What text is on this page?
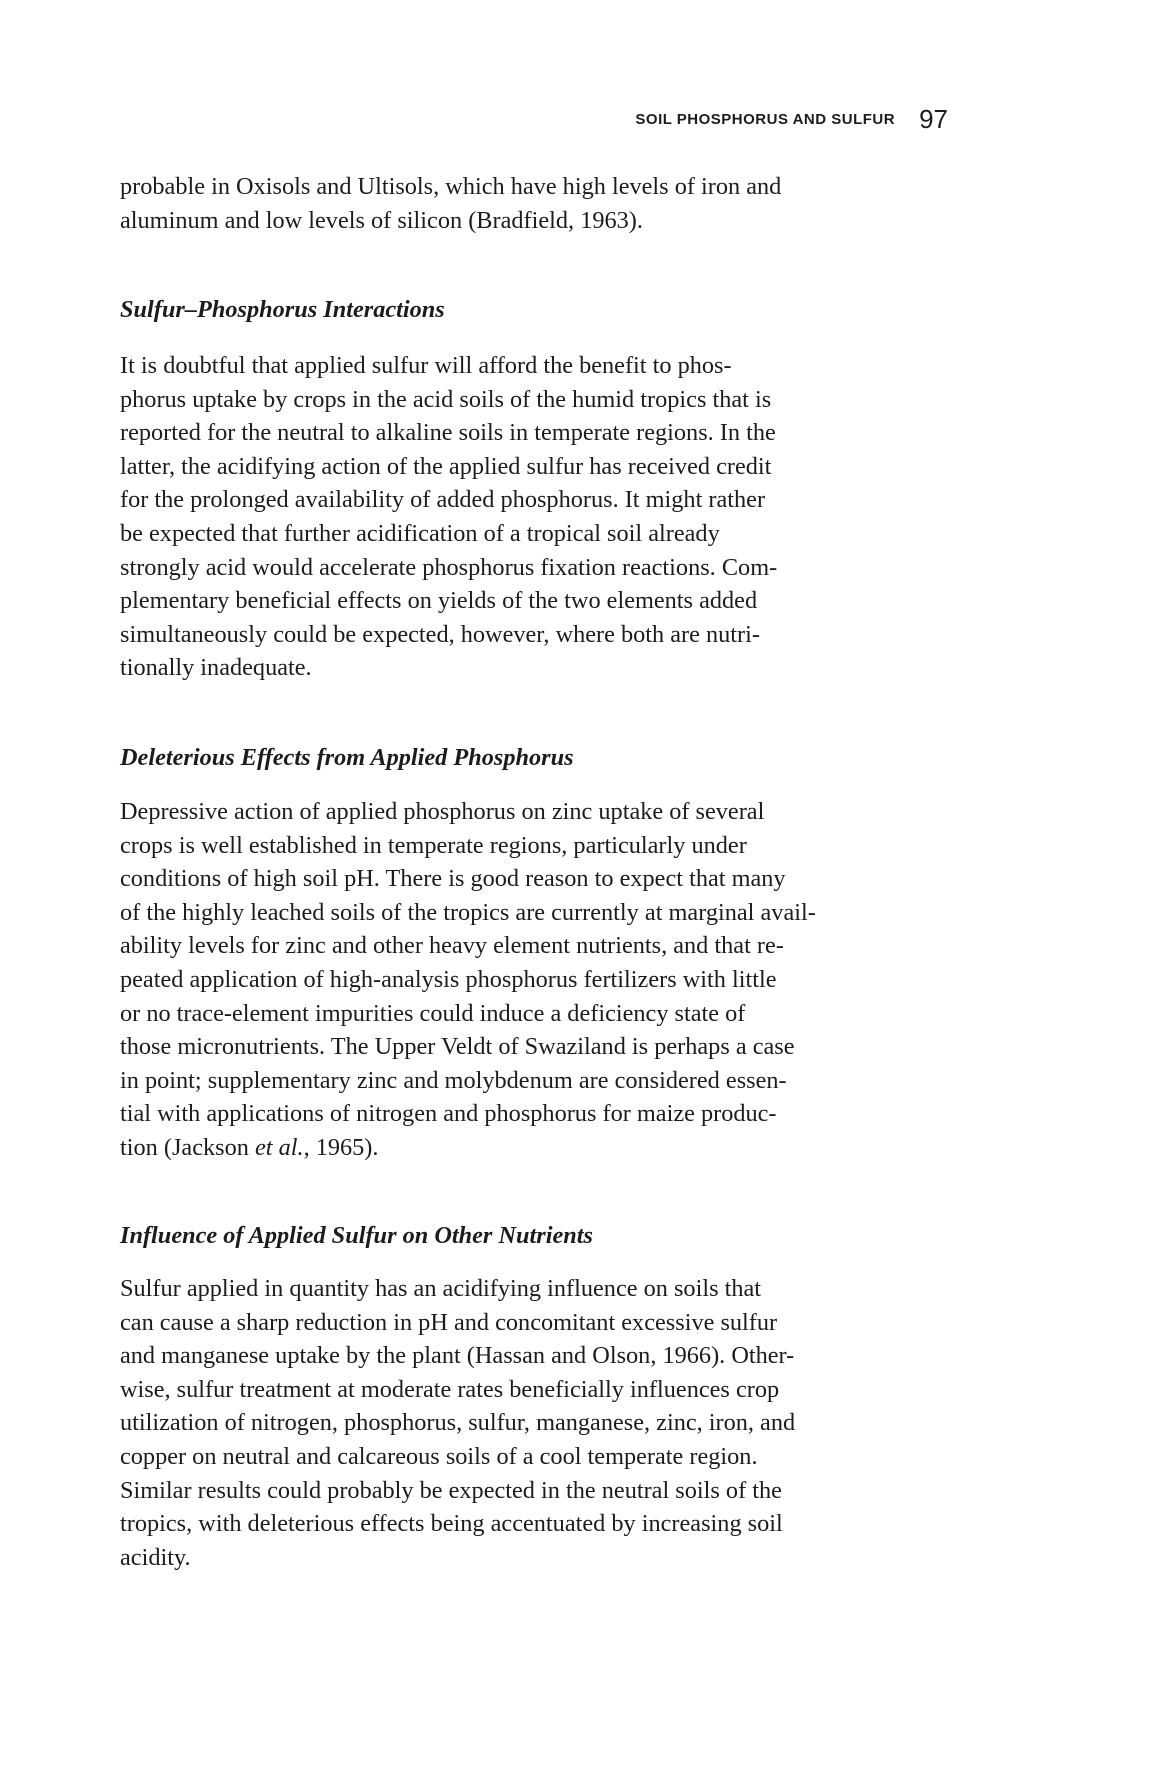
SOIL PHOSPHORUS AND SULFUR 97

probable in Oxisols and Ultisols, which have high levels of iron and
aluminum and low levels of silicon (Bradfield, 1963).

Sulfur–Phosphorus Interactions

It is doubtful that applied sulfur will afford the benefit to phos-
phorus uptake by crops in the acid soils of the humid tropics that is
reported for the neutral to alkaline soils in temperate regions. In the
latter, the acidifying action of the applied sulfur has received credit
for the prolonged availability of added phosphorus. It might rather
be expected that further acidification of a tropical soil already
strongly acid would accelerate phosphorus fixation reactions. Com-
plementary beneficial effects on yields of the two elements added
simultaneously could be expected, however, where both are nutri-
tionally inadequate.

Deleterious Effects from Applied Phosphorus

Depressive action of applied phosphorus on zinc uptake of several
crops is well established in temperate regions, particularly under
conditions of high soil pH. There is good reason to expect that many
of the highly leached soils of the tropics are currently at marginal avail-
ability levels for zinc and other heavy element nutrients, and that re-
peated application of high-analysis phosphorus fertilizers with little
or no trace-element impurities could induce a deficiency state of
those micronutrients. The Upper Veldt of Swaziland is perhaps a case
in point; supplementary zinc and molybdenum are considered essen-
tial with applications of nitrogen and phosphorus for maize produc-
tion (Jackson et al., 1965).

Influence of Applied Sulfur on Other Nutrients

Sulfur applied in quantity has an acidifying influence on soils that
can cause a sharp reduction in pH and concomitant excessive sulfur
and manganese uptake by the plant (Hassan and Olson, 1966). Other-
wise, sulfur treatment at moderate rates beneficially influences crop
utilization of nitrogen, phosphorus, sulfur, manganese, zinc, iron, and
copper on neutral and calcareous soils of a cool temperate region.
Similar results could probably be expected in the neutral soils of the
tropics, with deleterious effects being accentuated by increasing soil
acidity.
